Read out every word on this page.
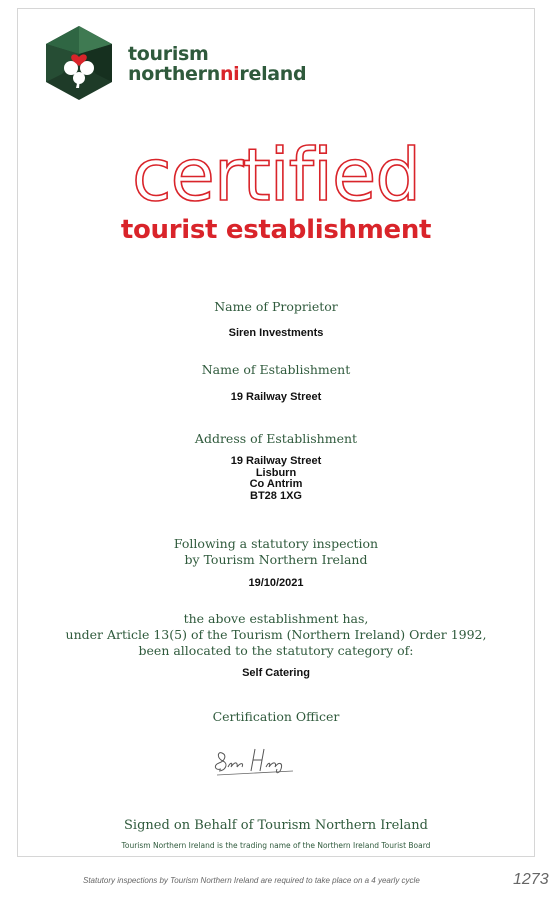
tourism
northernnireland
certified
tourist establishment
Name of Proprietor
Siren Investments
Name of Establishment
19 Railway Street
Address of Establishment
19 Railway Street
Lisburn
Co Antrim
BT28 1XG
Following a statutory inspection
by Tourism Northern Ireland
19/10/2021
the above establishment has,
under Article 13(5) of the Tourism (Northern Ireland) Order 1992,
been allocated to the statutory category of:
Self Catering
Certification Officer
Signed on Behalf of Tourism Northern Ireland
Tourism Northern Ireland is the trading name of the Northern Ireland Tourist Board
Statutory inspections by Tourism Northern Ireland are required to take place on a 4 yearly cycle	1273
